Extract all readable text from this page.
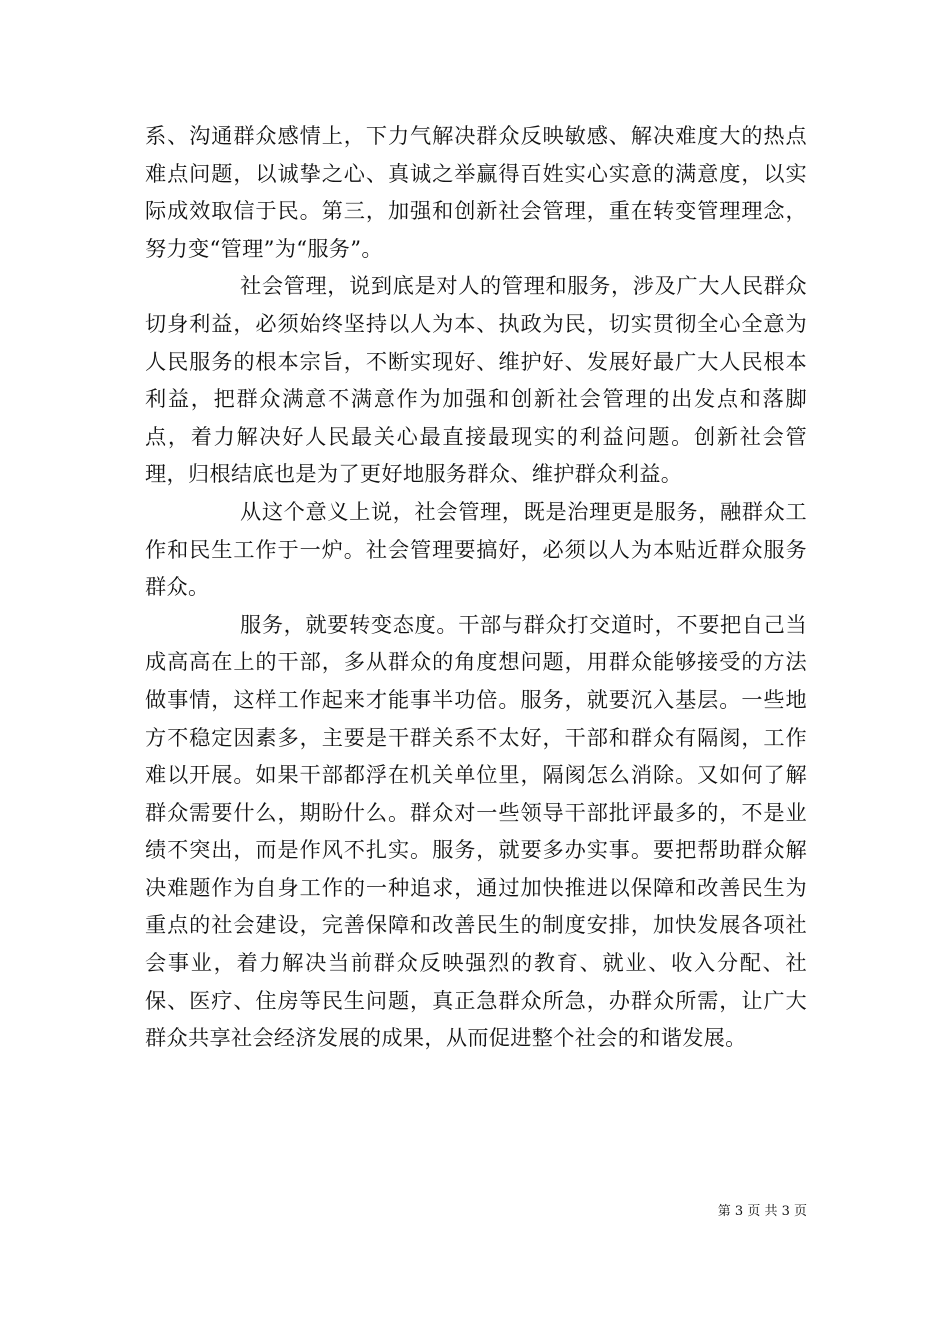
系、沟通群众感情上，下力气解决群众反映敏感、解决难度大的热点难点问题，以诚挚之心、真诚之举赢得百姓实心实意的满意度，以实际成效取信于民。第三，加强和创新社会管理，重在转变管理理念，努力变“管理”为“服务”。

社会管理，说到底是对人的管理和服务，涉及广大人民群众切身利益，必须始终坚持以人为本、执政为民，切实贯彻全心全意为人民服务的根本宗旨，不断实现好、维护好、发展好最广大人民根本利益，把群众满意不满意作为加强和创新社会管理的出发点和落脚点，着力解决好人民最关心最直接最现实的利益问题。创新社会管理，归根结底也是为了更好地服务群众、维护群众利益。

从这个意义上说，社会管理，既是治理更是服务，融群众工作和民生工作于一炉。社会管理要搞好，必须以人为本贴近群众服务群众。

服务，就要转变态度。干部与群众打交道时，不要把自己当成高高在上的干部，多从群众的角度想问题，用群众能够接受的方法做事情，这样工作起来才能事半功倍。服务，就要沉入基层。一些地方不稳定因素多，主要是干群关系不太好，干部和群众有隔阂，工作难以开展。如果干部都浮在机关单位里，隔阂怎么消除。又如何了解群众需要什么，期盼什么。群众对一些领导干部批评最多的，不是业绩不突出，而是作风不扎实。服务，就要多办实事。要把帮助群众解决难题作为自身工作的一种追求，通过加快推进以保障和改善民生为重点的社会建设，完善保障和改善民生的制度安排，加快发展各项社会事业，着力解决当前群众反映强烈的教育、就业、收入分配、社保、医疗、住房等民生问题，真正急群众所急，办群众所需，让广大群众共享社会经济发展的成果，从而促进整个社会的和谐发展。

第 3 页 共 3 页
